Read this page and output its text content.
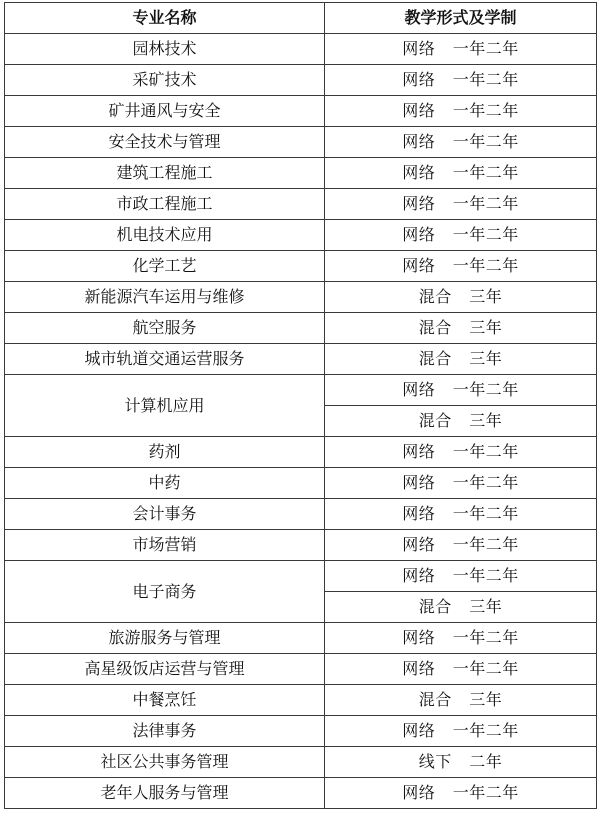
专业名称	教学形式及学制
园林技术	网络 一年二年
采矿技术	网络 一年二年
矿井通风与安全	网络 一年二年
安全技术与管理	网络 一年二年
建筑工程施工	网络 一年二年
市政工程施工	网络 一年二年
机电技术应用	网络 一年二年
化学工艺	网络 一年二年
新能源汽车运用与维修	混合 三年
航空服务	混合 三年
城市轨道交通运营服务	混合 三年
计算机应用	网络 一年二年
	混合 三年
药剂	网络 一年二年
中药	网络 一年二年
会计事务	网络 一年二年
市场营销	网络 一年二年
电子商务	网络 一年二年
	混合 三年
旅游服务与管理	网络 一年二年
高星级饭店运营与管理	网络 一年二年
中餐烹饪	混合 三年
法律事务	网络 一年二年
社区公共事务管理	线下 二年
老年人服务与管理	网络 一年二年
